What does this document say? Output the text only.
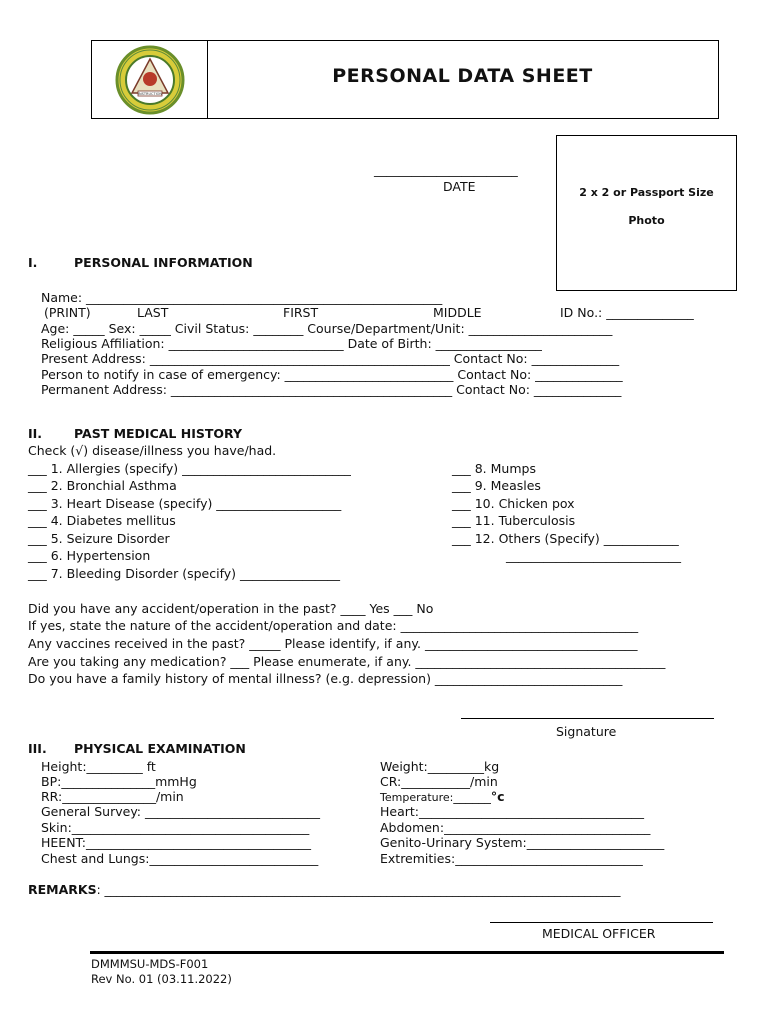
INSTRUCTION
PERSONAL DATA SHEET
_______________________
DATE	2 x 2 or Passport Size
Photo
I.	PERSONAL INFORMATION
Name: _________________________________________________________
(PRINT)	LAST	FIRST	MIDDLE	ID No.: ______________
Age: _____ Sex: _____ Civil Status: ________ Course/Department/Unit: _______________________
Religious Affiliation: ____________________________ Date of Birth: _________________
Present Address: ________________________________________________ Contact No: ______________
Person to notify in case of emergency: ___________________________ Contact No: ______________
Permanent Address: _____________________________________________ Contact No: ______________
II.	PAST MEDICAL HISTORY
Check (√) disease/illness you have/had.
___ 1. Allergies (specify) ___________________________
___ 2. Bronchial Asthma
___ 3. Heart Disease (specify) ____________________
___ 4. Diabetes mellitus
___ 5. Seizure Disorder
___ 6. Hypertension
___ 7. Bleeding Disorder (specify) ________________
___ 8. Mumps
___ 9. Measles
___ 10. Chicken pox
___ 11. Tuberculosis
___ 12. Others (Specify) ____________
____________________________
Did you have any accident/operation in the past? ____ Yes ___ No
If yes, state the nature of the accident/operation and date: ______________________________________
Any vaccines received in the past? _____ Please identify, if any. __________________________________
Are you taking any medication? ___ Please enumerate, if any. ________________________________________
Do you have a family history of mental illness? (e.g. depression) ______________________________
Signature
III. PHYSICAL EXAMINATION
Height:_________ ft
BP:_______________mmHg
RR:_______________/min
General Survey: ____________________________
Skin:______________________________________
HEENT:____________________________________
Chest and Lungs:___________________________
Weight:_________kg
CR:___________/min
Temperature:______°c
Heart:____________________________________
Abdomen:_________________________________
Genito-Urinary System:______________________
Extremities:______________________________
REMARKS: ______________________________________________________________________________________
MEDICAL OFFICER
DMMMSU-MDS-F001
Rev No. 01 (03.11.2022)
